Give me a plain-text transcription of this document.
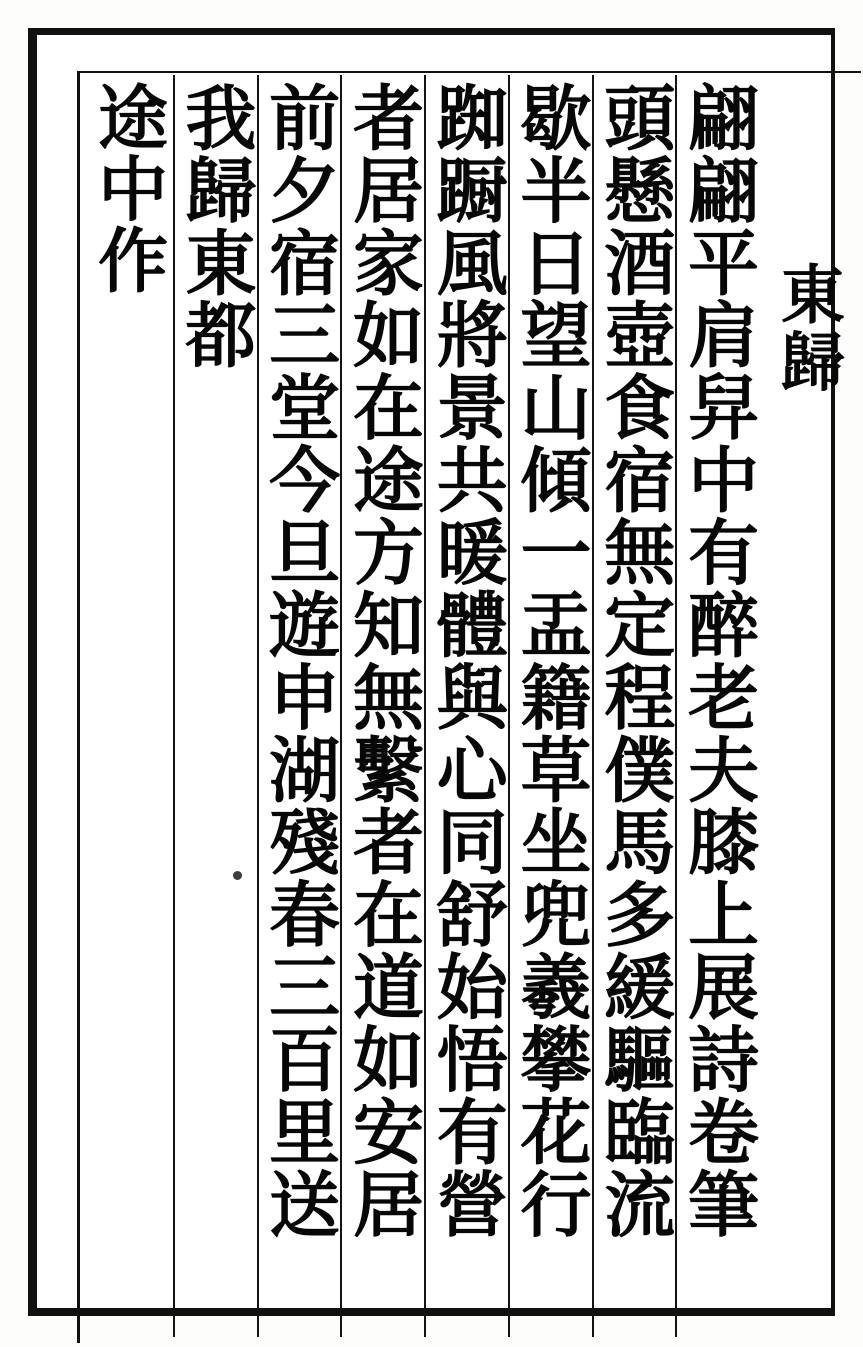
東歸
翩翩平肩舁中有醉老夫膝上展詩卷筆
頭懸酒壺食宿無定程僕馬多緩驅臨流
歇半日望山傾一盂籍草坐兜羲攀花行
踟蹰風將景共暖體與心同舒始悟有營
者居家如在途方知無繫者在道如安居
前夕宿三堂今旦遊申湖殘春三百里送
我歸東都
途中作
